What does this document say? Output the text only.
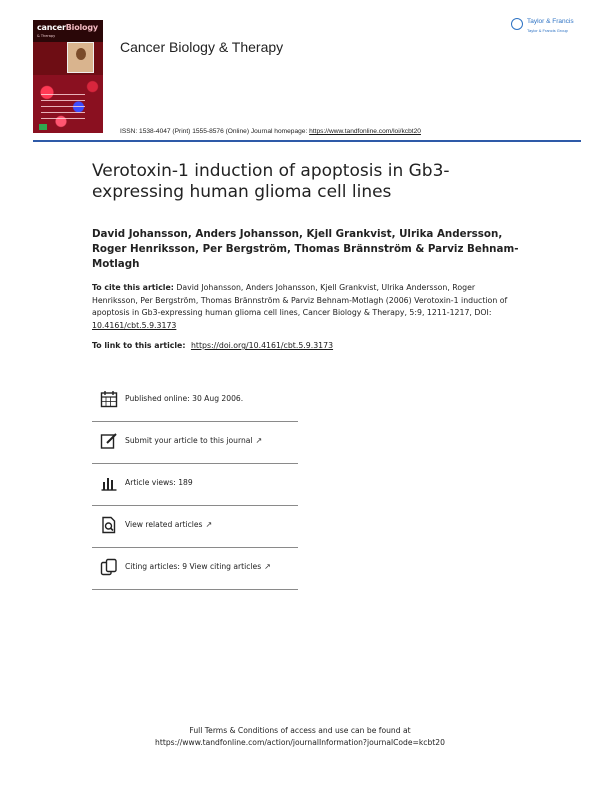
cancerBiology
& Therapy
Cancer Biology & Therapy
Taylor & Francis
Taylor & Francis Group
ISSN: 1538-4047 (Print) 1555-8576 (Online) Journal homepage: https://www.tandfonline.com/loi/kcbt20
Verotoxin-1 induction of apoptosis in Gb3-expressing human glioma cell lines
David Johansson, Anders Johansson, Kjell Grankvist, Ulrika Andersson, Roger Henriksson, Per Bergström, Thomas Brännström & Parviz Behnam-Motlagh
To cite this article: David Johansson, Anders Johansson, Kjell Grankvist, Ulrika Andersson, Roger Henriksson, Per Bergström, Thomas Brännström & Parviz Behnam-Motlagh (2006) Verotoxin-1 induction of apoptosis in Gb3-expressing human glioma cell lines, Cancer Biology & Therapy, 5:9, 1211-1217, DOI: 10.4161/cbt.5.9.3173
To link to this article: https://doi.org/10.4161/cbt.5.9.3173
Published online: 30 Aug 2006.
Submit your article to this journal ↗
Article views: 189
View related articles ↗
Citing articles: 9 View citing articles ↗
Full Terms & Conditions of access and use can be found at
https://www.tandfonline.com/action/journalInformation?journalCode=kcbt20
